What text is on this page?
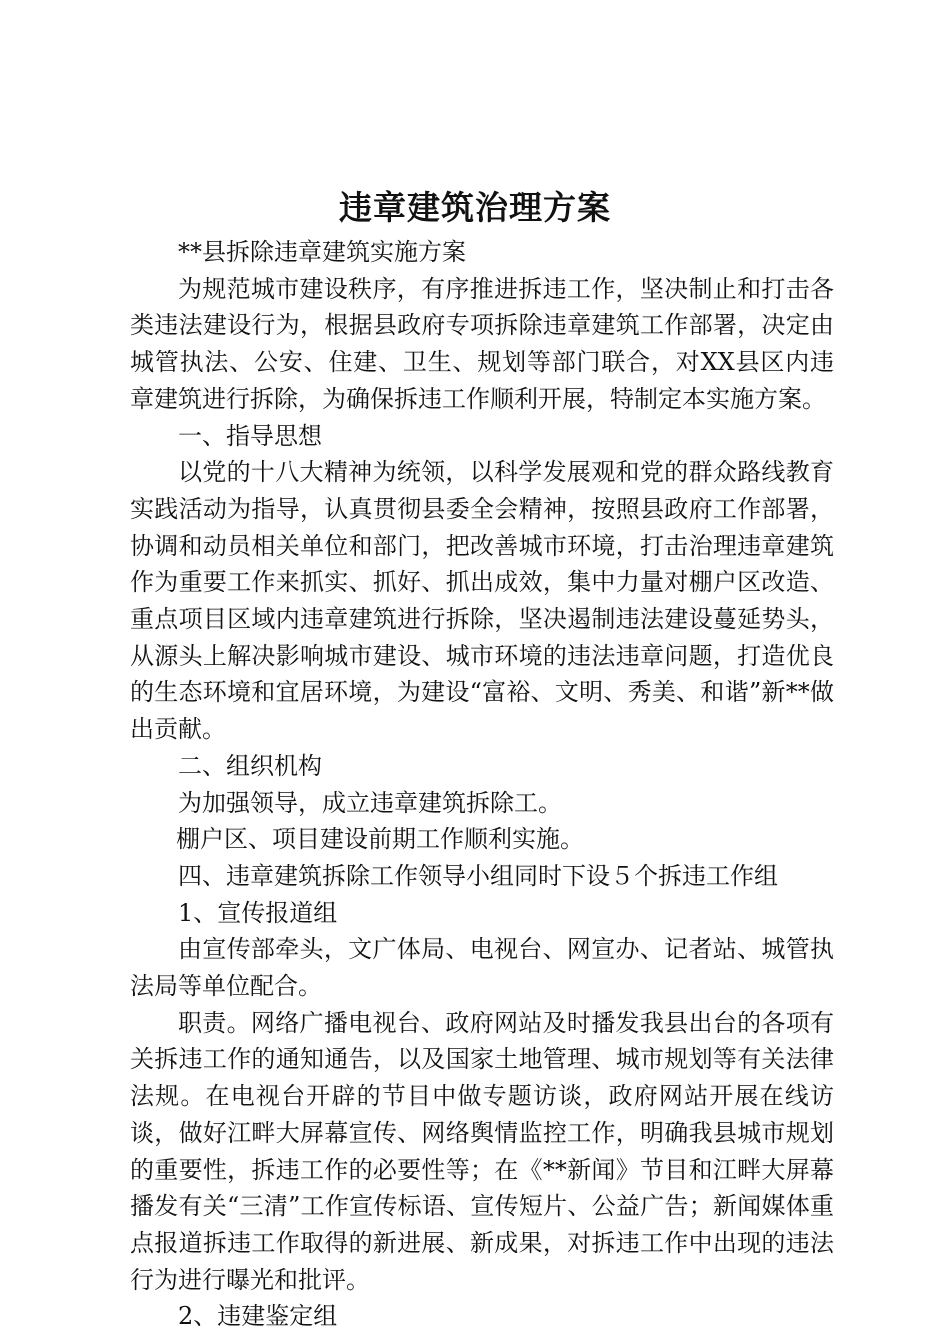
违章建筑治理方案

**县拆除违章建筑实施方案

为规范城市建设秩序，有序推进拆违工作，坚决制止和打击各类违法建设行为，根据县政府专项拆除违章建筑工作部署，决定由城管执法、公安、住建、卫生、规划等部门联合，对XX县区内违章建筑进行拆除，为确保拆违工作顺利开展，特制定本实施方案。

一、指导思想

以党的十八大精神为统领，以科学发展观和党的群众路线教育实践活动为指导，认真贯彻县委全会精神，按照县政府工作部署，协调和动员相关单位和部门，把改善城市环境，打击治理违章建筑作为重要工作来抓实、抓好、抓出成效，集中力量对棚户区改造、重点项目区域内违章建筑进行拆除，坚决遏制违法建设蔓延势头，从源头上解决影响城市建设、城市环境的违法违章问题，打造优良的生态环境和宜居环境，为建设“富裕、文明、秀美、和谐”新**做出贡献。

二、组织机构

为加强领导，成立违章建筑拆除工。

棚户区、项目建设前期工作顺利实施。

四、违章建筑拆除工作领导小组同时下设５个拆违工作组

1、宣传报道组

由宣传部牵头，文广体局、电视台、网宣办、记者站、城管执法局等单位配合。

职责。网络广播电视台、政府网站及时播发我县出台的各项有关拆违工作的通知通告，以及国家土地管理、城市规划等有关法律法规。在电视台开辟的节目中做专题访谈，政府网站开展在线访谈，做好江畔大屏幕宣传、网络舆情监控工作，明确我县城市规划的重要性，拆违工作的必要性等；在《**新闻》节目和江畔大屏幕播发有关“三清”工作宣传标语、宣传短片、公益广告；新闻媒体重点报道拆违工作取得的新进展、新成果，对拆违工作中出现的违法行为进行曝光和批评。

2、违建鉴定组
